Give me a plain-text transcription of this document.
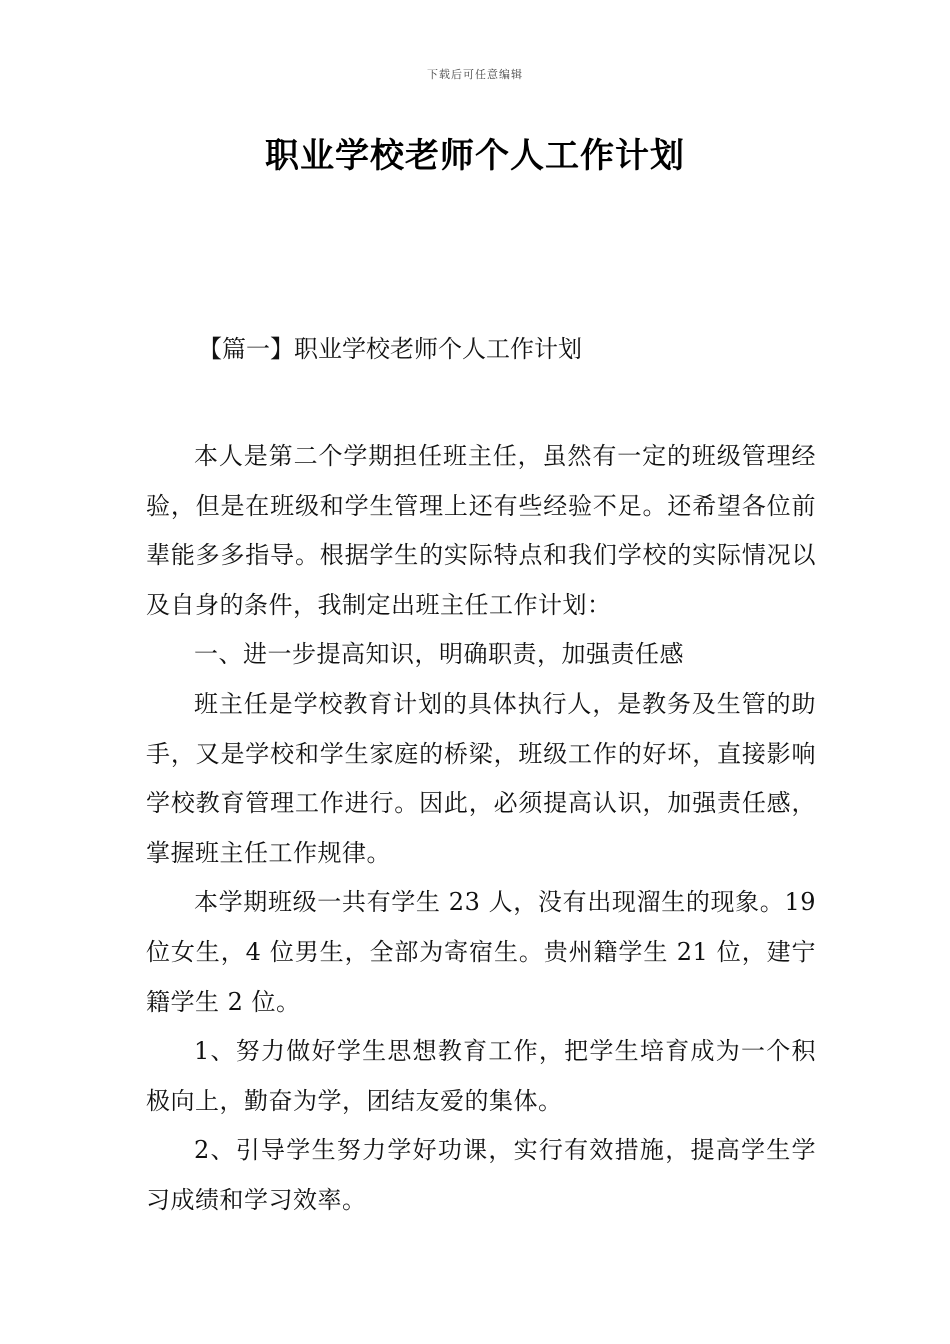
下载后可任意编辑
职业学校老师个人工作计划
【篇一】职业学校老师个人工作计划

本人是第二个学期担任班主任，虽然有一定的班级管理经验，但是在班级和学生管理上还有些经验不足。还希望各位前辈能多多指导。根据学生的实际特点和我们学校的实际情况以及自身的条件，我制定出班主任工作计划：

一、进一步提高知识，明确职责，加强责任感

班主任是学校教育计划的具体执行人，是教务及生管的助手，又是学校和学生家庭的桥梁，班级工作的好坏，直接影响学校教育管理工作进行。因此，必须提高认识，加强责任感，掌握班主任工作规律。

本学期班级一共有学生 23 人，没有出现溜生的现象。19 位女生，4 位男生，全部为寄宿生。贵州籍学生 21 位，建宁籍学生 2 位。

1、努力做好学生思想教育工作，把学生培育成为一个积极向上，勤奋为学，团结友爱的集体。

2、引导学生努力学好功课，实行有效措施，提高学生学习成绩和学习效率。
